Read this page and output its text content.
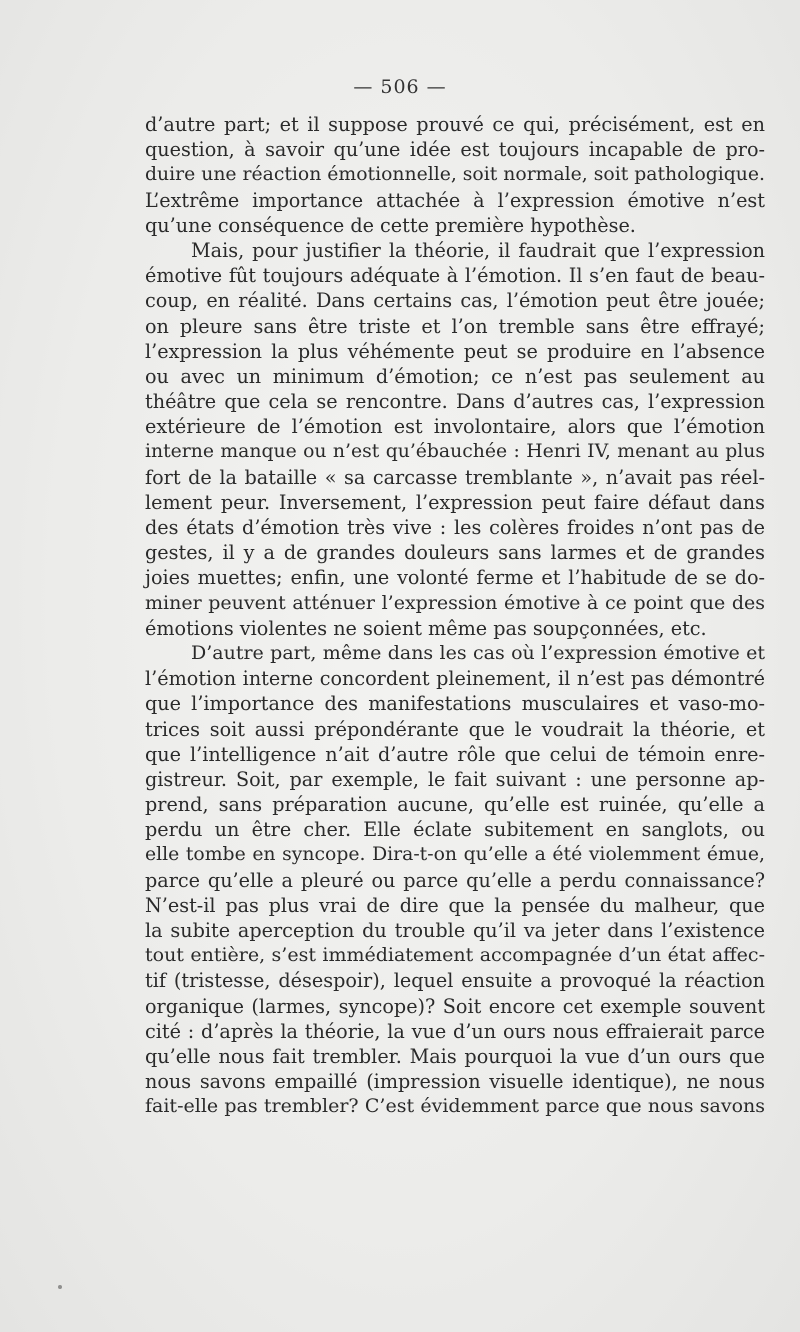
— 506 —
d’autre part; et il suppose prouvé ce qui, précisément, est en
question, à savoir qu’une idée est toujours incapable de pro-
duire une réaction émotionnelle, soit normale, soit pathologique.
L’extrême importance attachée à l’expression émotive n’est
qu’une conséquence de cette première hypothèse.
Mais, pour justifier la théorie, il faudrait que l’expression
émotive fût toujours adéquate à l’émotion. Il s’en faut de beau-
coup, en réalité. Dans certains cas, l’émotion peut être jouée;
on pleure sans être triste et l’on tremble sans être effrayé;
l’expression la plus véhémente peut se produire en l’absence
ou avec un minimum d’émotion; ce n’est pas seulement au
théâtre que cela se rencontre. Dans d’autres cas, l’expression
extérieure de l’émotion est involontaire, alors que l’émotion
interne manque ou n’est qu’ébauchée : Henri IV, menant au plus
fort de la bataille « sa carcasse tremblante », n’avait pas réel-
lement peur. Inversement, l’expression peut faire défaut dans
des états d’émotion très vive : les colères froides n’ont pas de
gestes, il y a de grandes douleurs sans larmes et de grandes
joies muettes; enfin, une volonté ferme et l’habitude de se do-
miner peuvent atténuer l’expression émotive à ce point que des
émotions violentes ne soient même pas soupçonnées, etc.
D’autre part, même dans les cas où l’expression émotive et
l’émotion interne concordent pleinement, il n’est pas démontré
que l’importance des manifestations musculaires et vaso-mo-
trices soit aussi prépondérante que le voudrait la théorie, et
que l’intelligence n’ait d’autre rôle que celui de témoin enre-
gistreur. Soit, par exemple, le fait suivant : une personne ap-
prend, sans préparation aucune, qu’elle est ruinée, qu’elle a
perdu un être cher. Elle éclate subitement en sanglots, ou
elle tombe en syncope. Dira-t-on qu’elle a été violemment émue,
parce qu’elle a pleuré ou parce qu’elle a perdu connaissance?
N’est-il pas plus vrai de dire que la pensée du malheur, que
la subite aperception du trouble qu’il va jeter dans l’existence
tout entière, s’est immédiatement accompagnée d’un état affec-
tif (tristesse, désespoir), lequel ensuite a provoqué la réaction
organique (larmes, syncope)? Soit encore cet exemple souvent
cité : d’après la théorie, la vue d’un ours nous effraierait parce
qu’elle nous fait trembler. Mais pourquoi la vue d’un ours que
nous savons empaillé (impression visuelle identique), ne nous
fait-elle pas trembler? C’est évidemment parce que nous savons
